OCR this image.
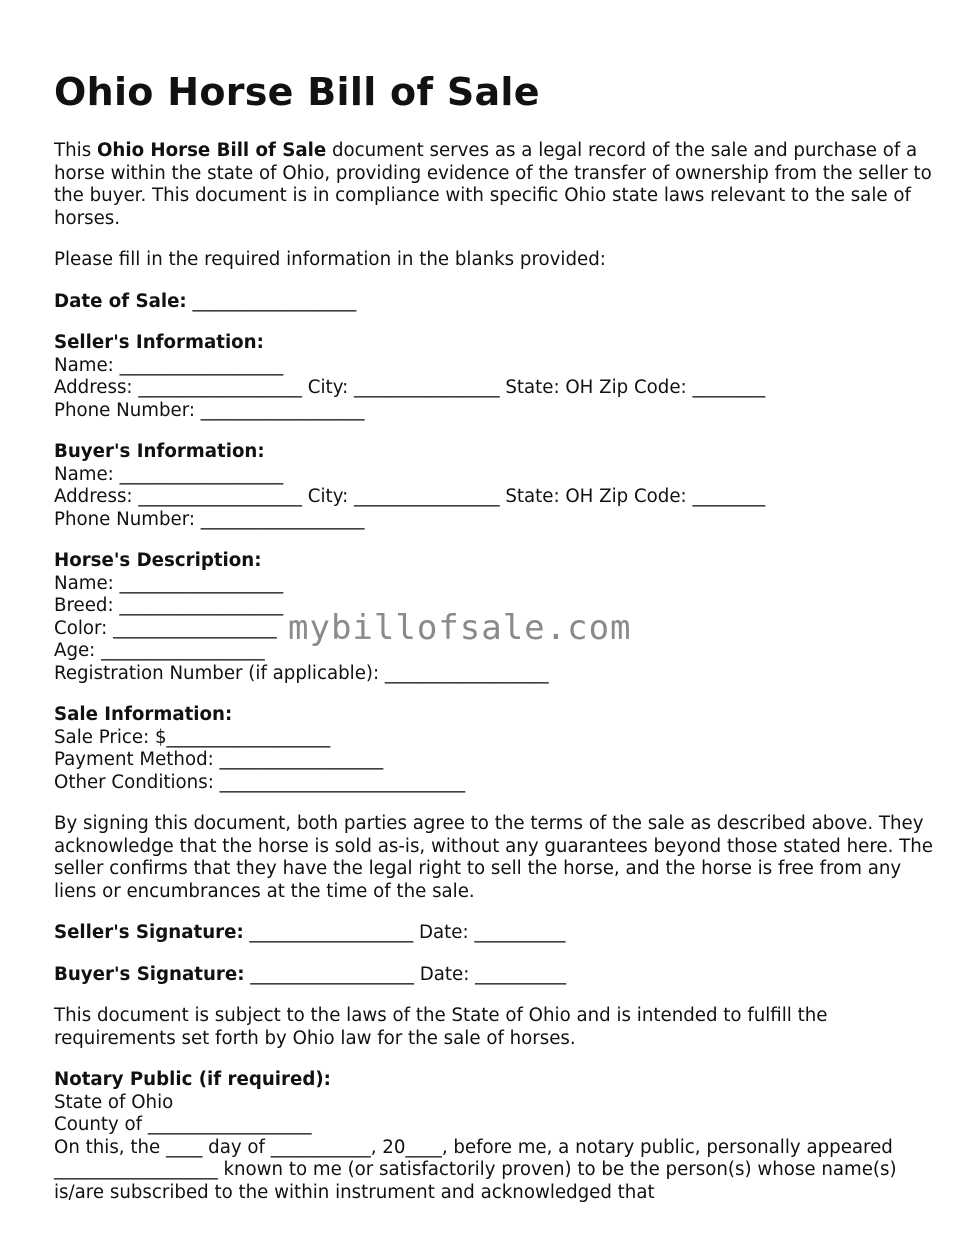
Ohio Horse Bill of Sale

This Ohio Horse Bill of Sale document serves as a legal record of the sale and purchase of a horse within the state of Ohio, providing evidence of the transfer of ownership from the seller to the buyer. This document is in compliance with specific Ohio state laws relevant to the sale of horses.

Please fill in the required information in the blanks provided:

Date of Sale: __________________

Seller's Information:

Name: __________________

Address: __________________ City: ________________ State: OH Zip Code: ________

Phone Number: __________________

Buyer's Information:

Name: __________________

Address: __________________ City: ________________ State: OH Zip Code: ________

Phone Number: __________________

Horse's Description:

Name: __________________

Breed: __________________

Color: __________________

Age: __________________

Registration Number (if applicable): __________________

Sale Information:

Sale Price: $__________________

Payment Method: __________________

Other Conditions: ___________________________

By signing this document, both parties agree to the terms of the sale as described above. They acknowledge that the horse is sold as-is, without any guarantees beyond those stated here. The seller confirms that they have the legal right to sell the horse, and the horse is free from any liens or encumbrances at the time of the sale.

Seller's Signature: __________________ Date: __________

Buyer's Signature: __________________ Date: __________

This document is subject to the laws of the State of Ohio and is intended to fulfill the requirements set forth by Ohio law for the sale of horses.

Notary Public (if required):

State of Ohio

County of __________________

On this, the ____ day of ___________, 20____, before me, a notary public, personally appeared __________________ known to me (or satisfactorily proven) to be the person(s) whose name(s) is/are subscribed to the within instrument and acknowledged that

mybillofsale.com
